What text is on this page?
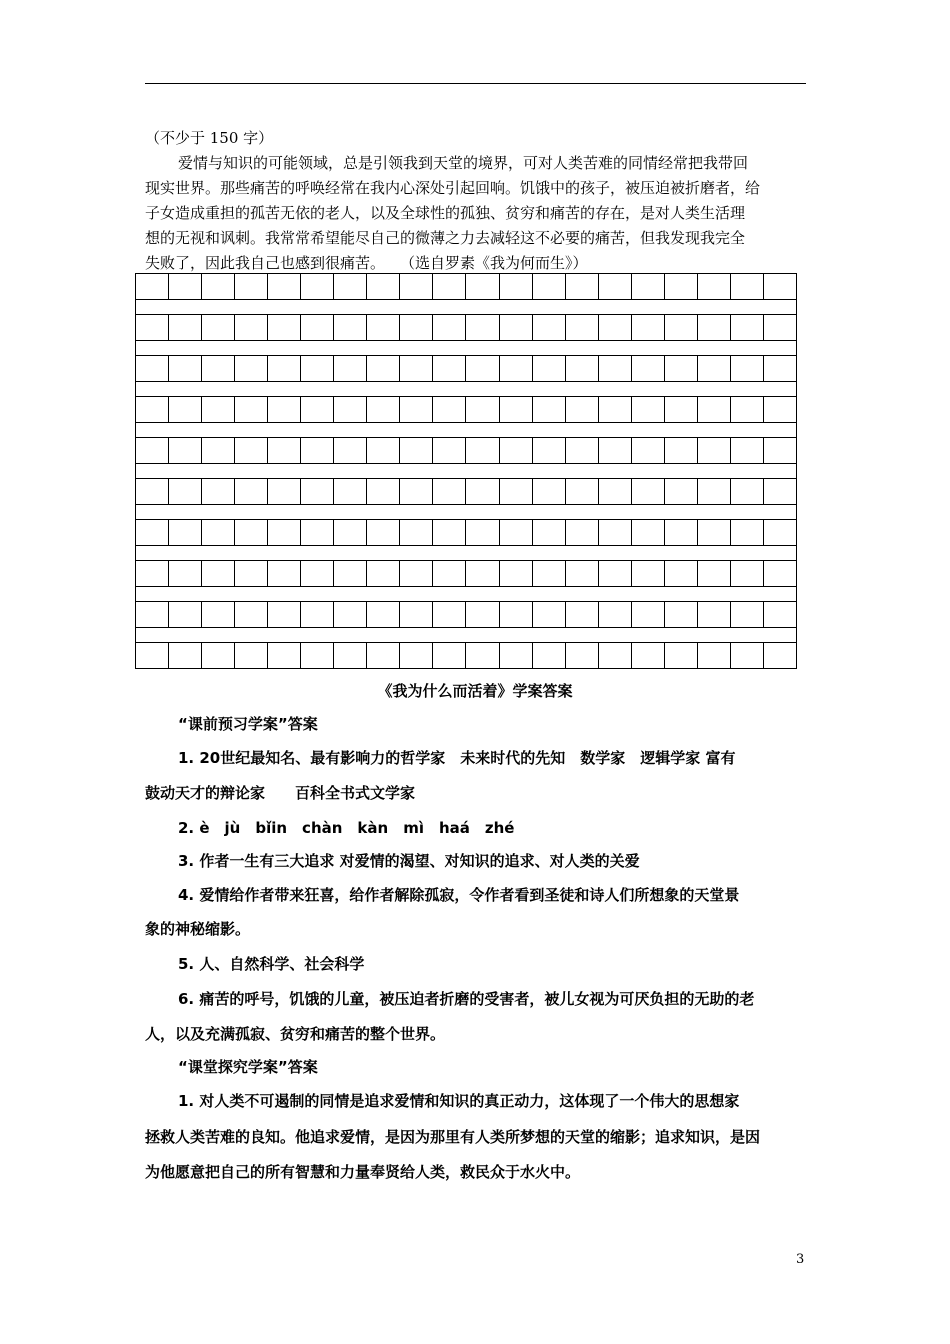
（不少于 150 字）
爱情与知识的可能领域，总是引领我到天堂的境界，可对人类苦难的同情经常把我带回
现实世界。那些痛苦的呼唤经常在我内心深处引起回响。饥饿中的孩子，被压迫被折磨者，给
子女造成重担的孤苦无依的老人，以及全球性的孤独、贫穷和痛苦的存在，是对人类生活理
想的无视和讽刺。我常常希望能尽自己的微薄之力去减轻这不必要的痛苦，但我发现我完全
失败了，因此我自己也感到很痛苦。　　（选自罗素《我为何而生》）
《我为什么而活着》学案答案
“课前预习学案”答案
1. 20世纪最知名、最有影响力的哲学家　未来时代的先知　数学家　逻辑学家 富有
鼓动天才的辩论家　　百科全书式文学家
2. è　jù　bǐin　chàn　kàn　mì　haá　zhé
3. 作者一生有三大追求 对爱情的渴望、对知识的追求、对人类的关爱
4. 爱情给作者带来狂喜，给作者解除孤寂，令作者看到圣徒和诗人们所想象的天堂景
象的神秘缩影。
5. 人、自然科学、社会科学
6. 痛苦的呼号，饥饿的儿童，被压迫者折磨的受害者，被儿女视为可厌负担的无助的老
人，以及充满孤寂、贫穷和痛苦的整个世界。
“课堂探究学案”答案
1. 对人类不可遏制的同情是追求爱情和知识的真正动力，这体现了一个伟大的思想家
拯救人类苦难的良知。他追求爱情，是因为那里有人类所梦想的天堂的缩影；追求知识，是因
为他愿意把自己的所有智慧和力量奉贤给人类，救民众于水火中。
3
